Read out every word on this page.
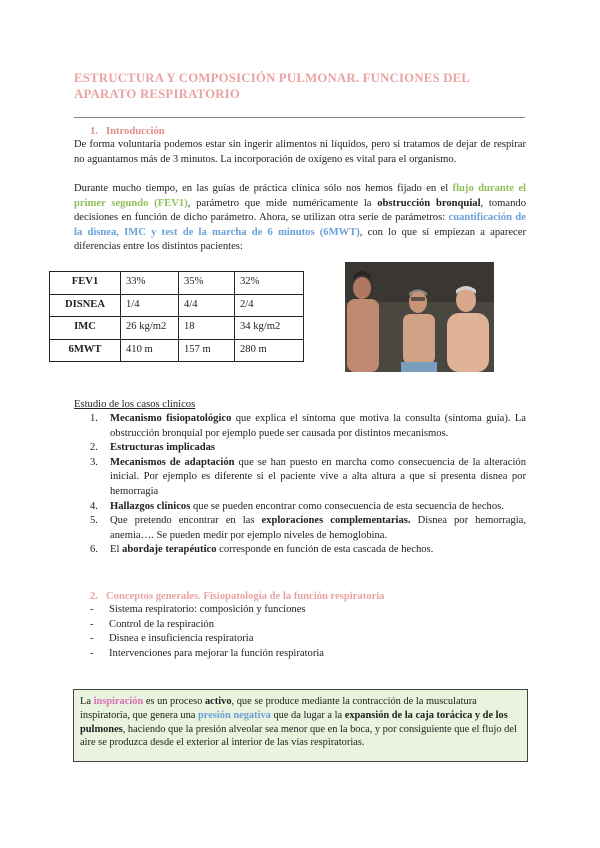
ESTRUCTURA Y COMPOSICIÓN PULMONAR. FUNCIONES DEL APARATO RESPIRATORIO
1. Introducción
De forma voluntaria podemos estar sin ingerir alimentos ni líquidos, pero si tratamos de dejar de respirar no aguantamos más de 3 minutos. La incorporación de oxígeno es vital para el organismo.
Durante mucho tiempo, en las guías de práctica clínica sólo nos hemos fijado en el flujo durante el primer segundo (FEV1), parámetro que mide numéricamente la obstrucción bronquial, tomando decisiones en función de dicho parámetro. Ahora, se utilizan otra serie de parámetros: cuantificación de la disnea, IMC y test de la marcha de 6 minutos (6MWT), con lo que sí empiezan a aparecer diferencias entre los distintos pacientes:
FEV1	33%	35%	32%
DISNEA	1/4	4/4	2/4
IMC	26 kg/m2	18	34 kg/m2
6MWT	410 m	157 m	280 m
Estudio de los casos clínicos
1. Mecanismo fisiopatológico que explica el síntoma que motiva la consulta (síntoma guía). La obstrucción bronquial por ejemplo puede ser causada por distintos mecanismos.
2. Estructuras implicadas
3. Mecanismos de adaptación que se han puesto en marcha como consecuencia de la alteración inicial. Por ejemplo es diferente si el paciente vive a alta altura a que si presenta disnea por hemorragia
4. Hallazgos clínicos que se pueden encontrar como consecuencia de esta secuencia de hechos.
5. Que pretendo encontrar en las exploraciones complementarias. Disnea por hemorragia, anemia…. Se pueden medir por ejemplo niveles de hemoglobina.
6. El abordaje terapéutico corresponde en función de esta cascada de hechos.
2. Conceptos generales. Fisiopatología de la función respiratoria
- Sistema respiratorio: composición y funciones
- Control de la respiración
- Disnea e insuficiencia respiratoria
- Intervenciones para mejorar la función respiratoria
La inspiración es un proceso activo, que se produce mediante la contracción de la musculatura inspiratoria, que genera una presión negativa que da lugar a la expansión de la caja torácica y de los pulmones, haciendo que la presión alveolar sea menor que en la boca, y por consiguiente que el flujo del aire se produzca desde el exterior al interior de las vías respiratorias.
